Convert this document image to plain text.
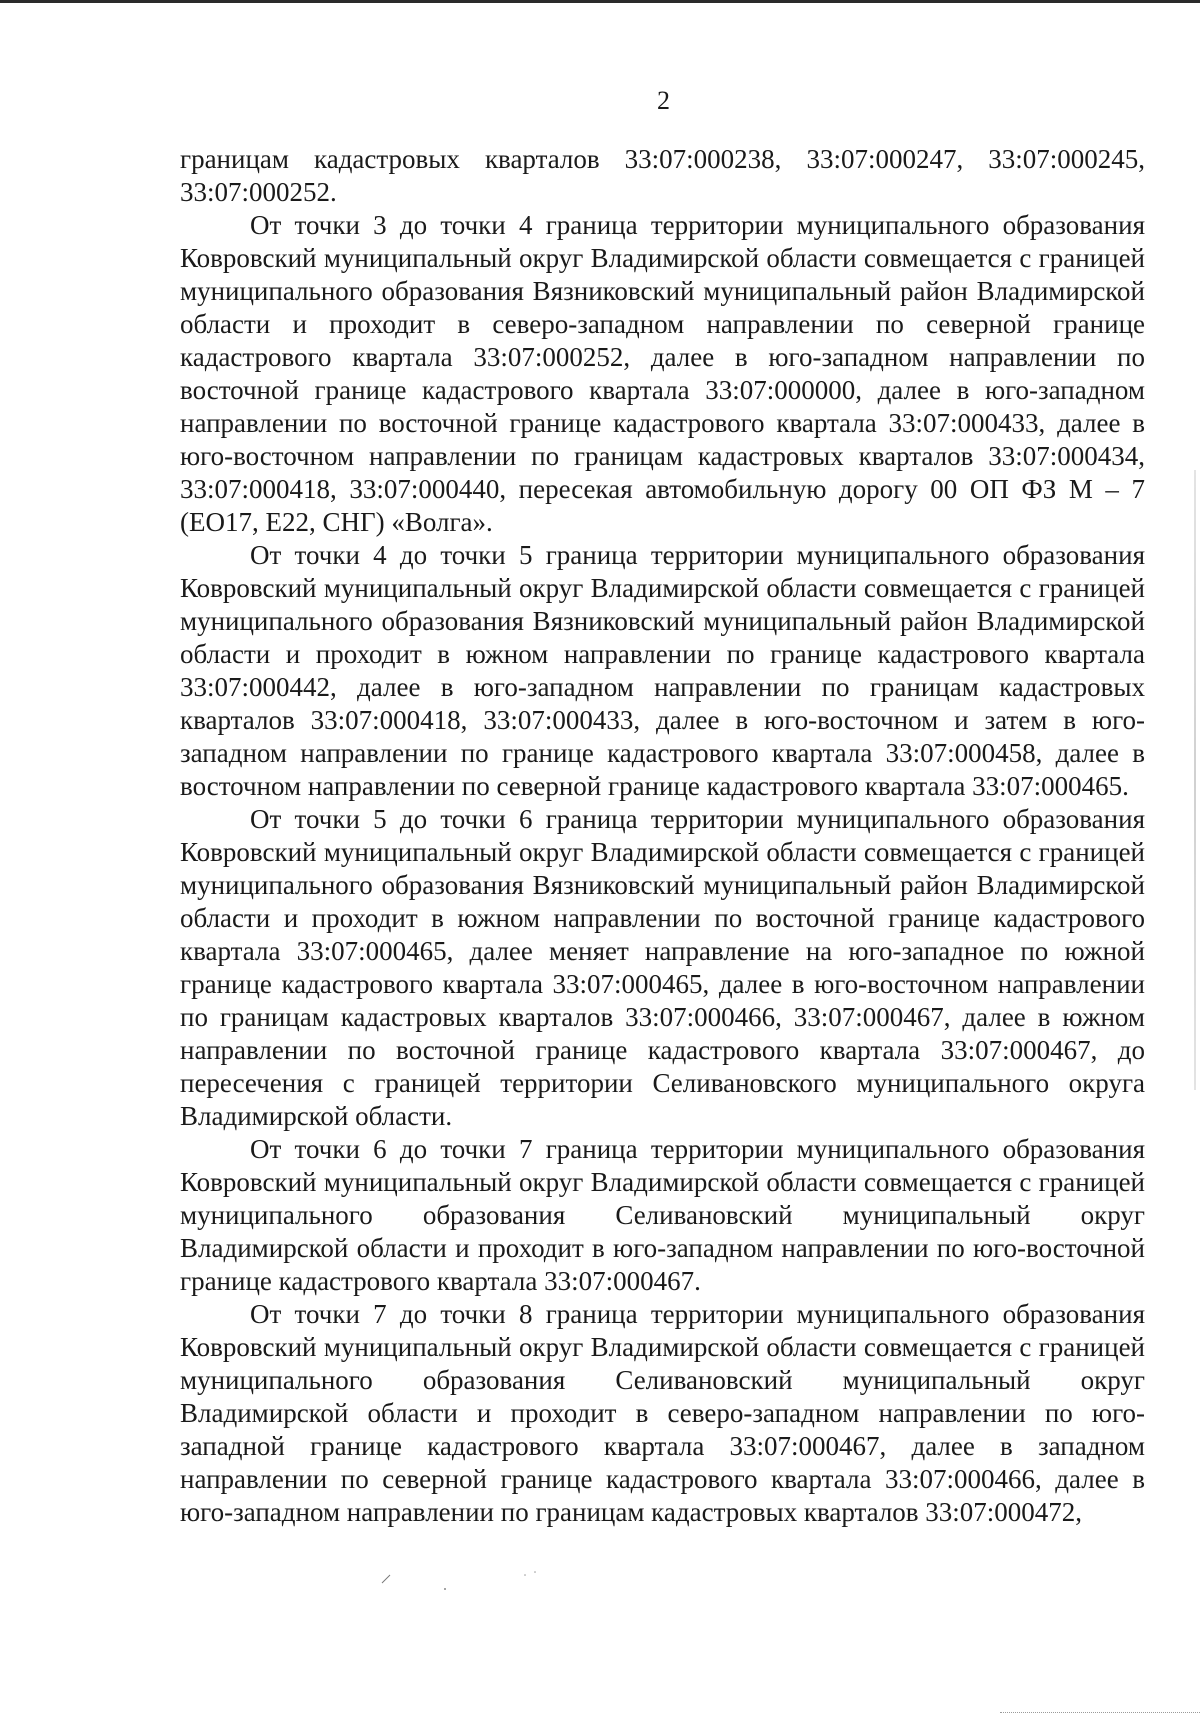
2

границам кадастровых кварталов 33:07:000238, 33:07:000247, 33:07:000245, 33:07:000252.

От точки 3 до точки 4 граница территории муниципального образования Ковровский муниципальный округ Владимирской области совмещается с границей муниципального образования Вязниковский муниципальный район Владимирской области и проходит в северо-западном направлении по северной границе кадастрового квартала 33:07:000252, далее в юго-западном направлении по восточной границе кадастрового квартала 33:07:000000, далее в юго-западном направлении по восточной границе кадастрового квартала 33:07:000433, далее в юго-восточном направлении по границам кадастровых кварталов 33:07:000434, 33:07:000418, 33:07:000440, пересекая автомобильную дорогу 00 ОП ФЗ М – 7 (ЕО17, Е22, СНГ) «Волга».

От точки 4 до точки 5 граница территории муниципального образования Ковровский муниципальный округ Владимирской области совмещается с границей муниципального образования Вязниковский муниципальный район Владимирской области и проходит в южном направлении по границе кадастрового квартала 33:07:000442, далее в юго-западном направлении по границам кадастровых кварталов 33:07:000418, 33:07:000433, далее в юго-восточном и затем в юго-западном направлении по границе кадастрового квартала 33:07:000458, далее в восточном направлении по северной границе кадастрового квартала 33:07:000465.

От точки 5 до точки 6 граница территории муниципального образования Ковровский муниципальный округ Владимирской области совмещается с границей муниципального образования Вязниковский муниципальный район Владимирской области и проходит в южном направлении по восточной границе кадастрового квартала 33:07:000465, далее меняет направление на юго-западное по южной границе кадастрового квартала 33:07:000465, далее в юго-восточном направлении по границам кадастровых кварталов 33:07:000466, 33:07:000467, далее в южном направлении по восточной границе кадастрового квартала 33:07:000467, до пересечения с границей территории Селивановского муниципального округа Владимирской области.

От точки 6 до точки 7 граница территории муниципального образования Ковровский муниципальный округ Владимирской области совмещается с границей муниципального образования Селивановский муниципальный округ Владимирской области и проходит в юго-западном направлении по юго-восточной границе кадастрового квартала 33:07:000467.

От точки 7 до точки 8 граница территории муниципального образования Ковровский муниципальный округ Владимирской области совмещается с границей муниципального образования Селивановский муниципальный округ Владимирской области и проходит в северо-западном направлении по юго-западной границе кадастрового квартала 33:07:000467, далее в западном направлении по северной границе кадастрового квартала 33:07:000466, далее в юго-западном направлении по границам кадастровых кварталов 33:07:000472,
